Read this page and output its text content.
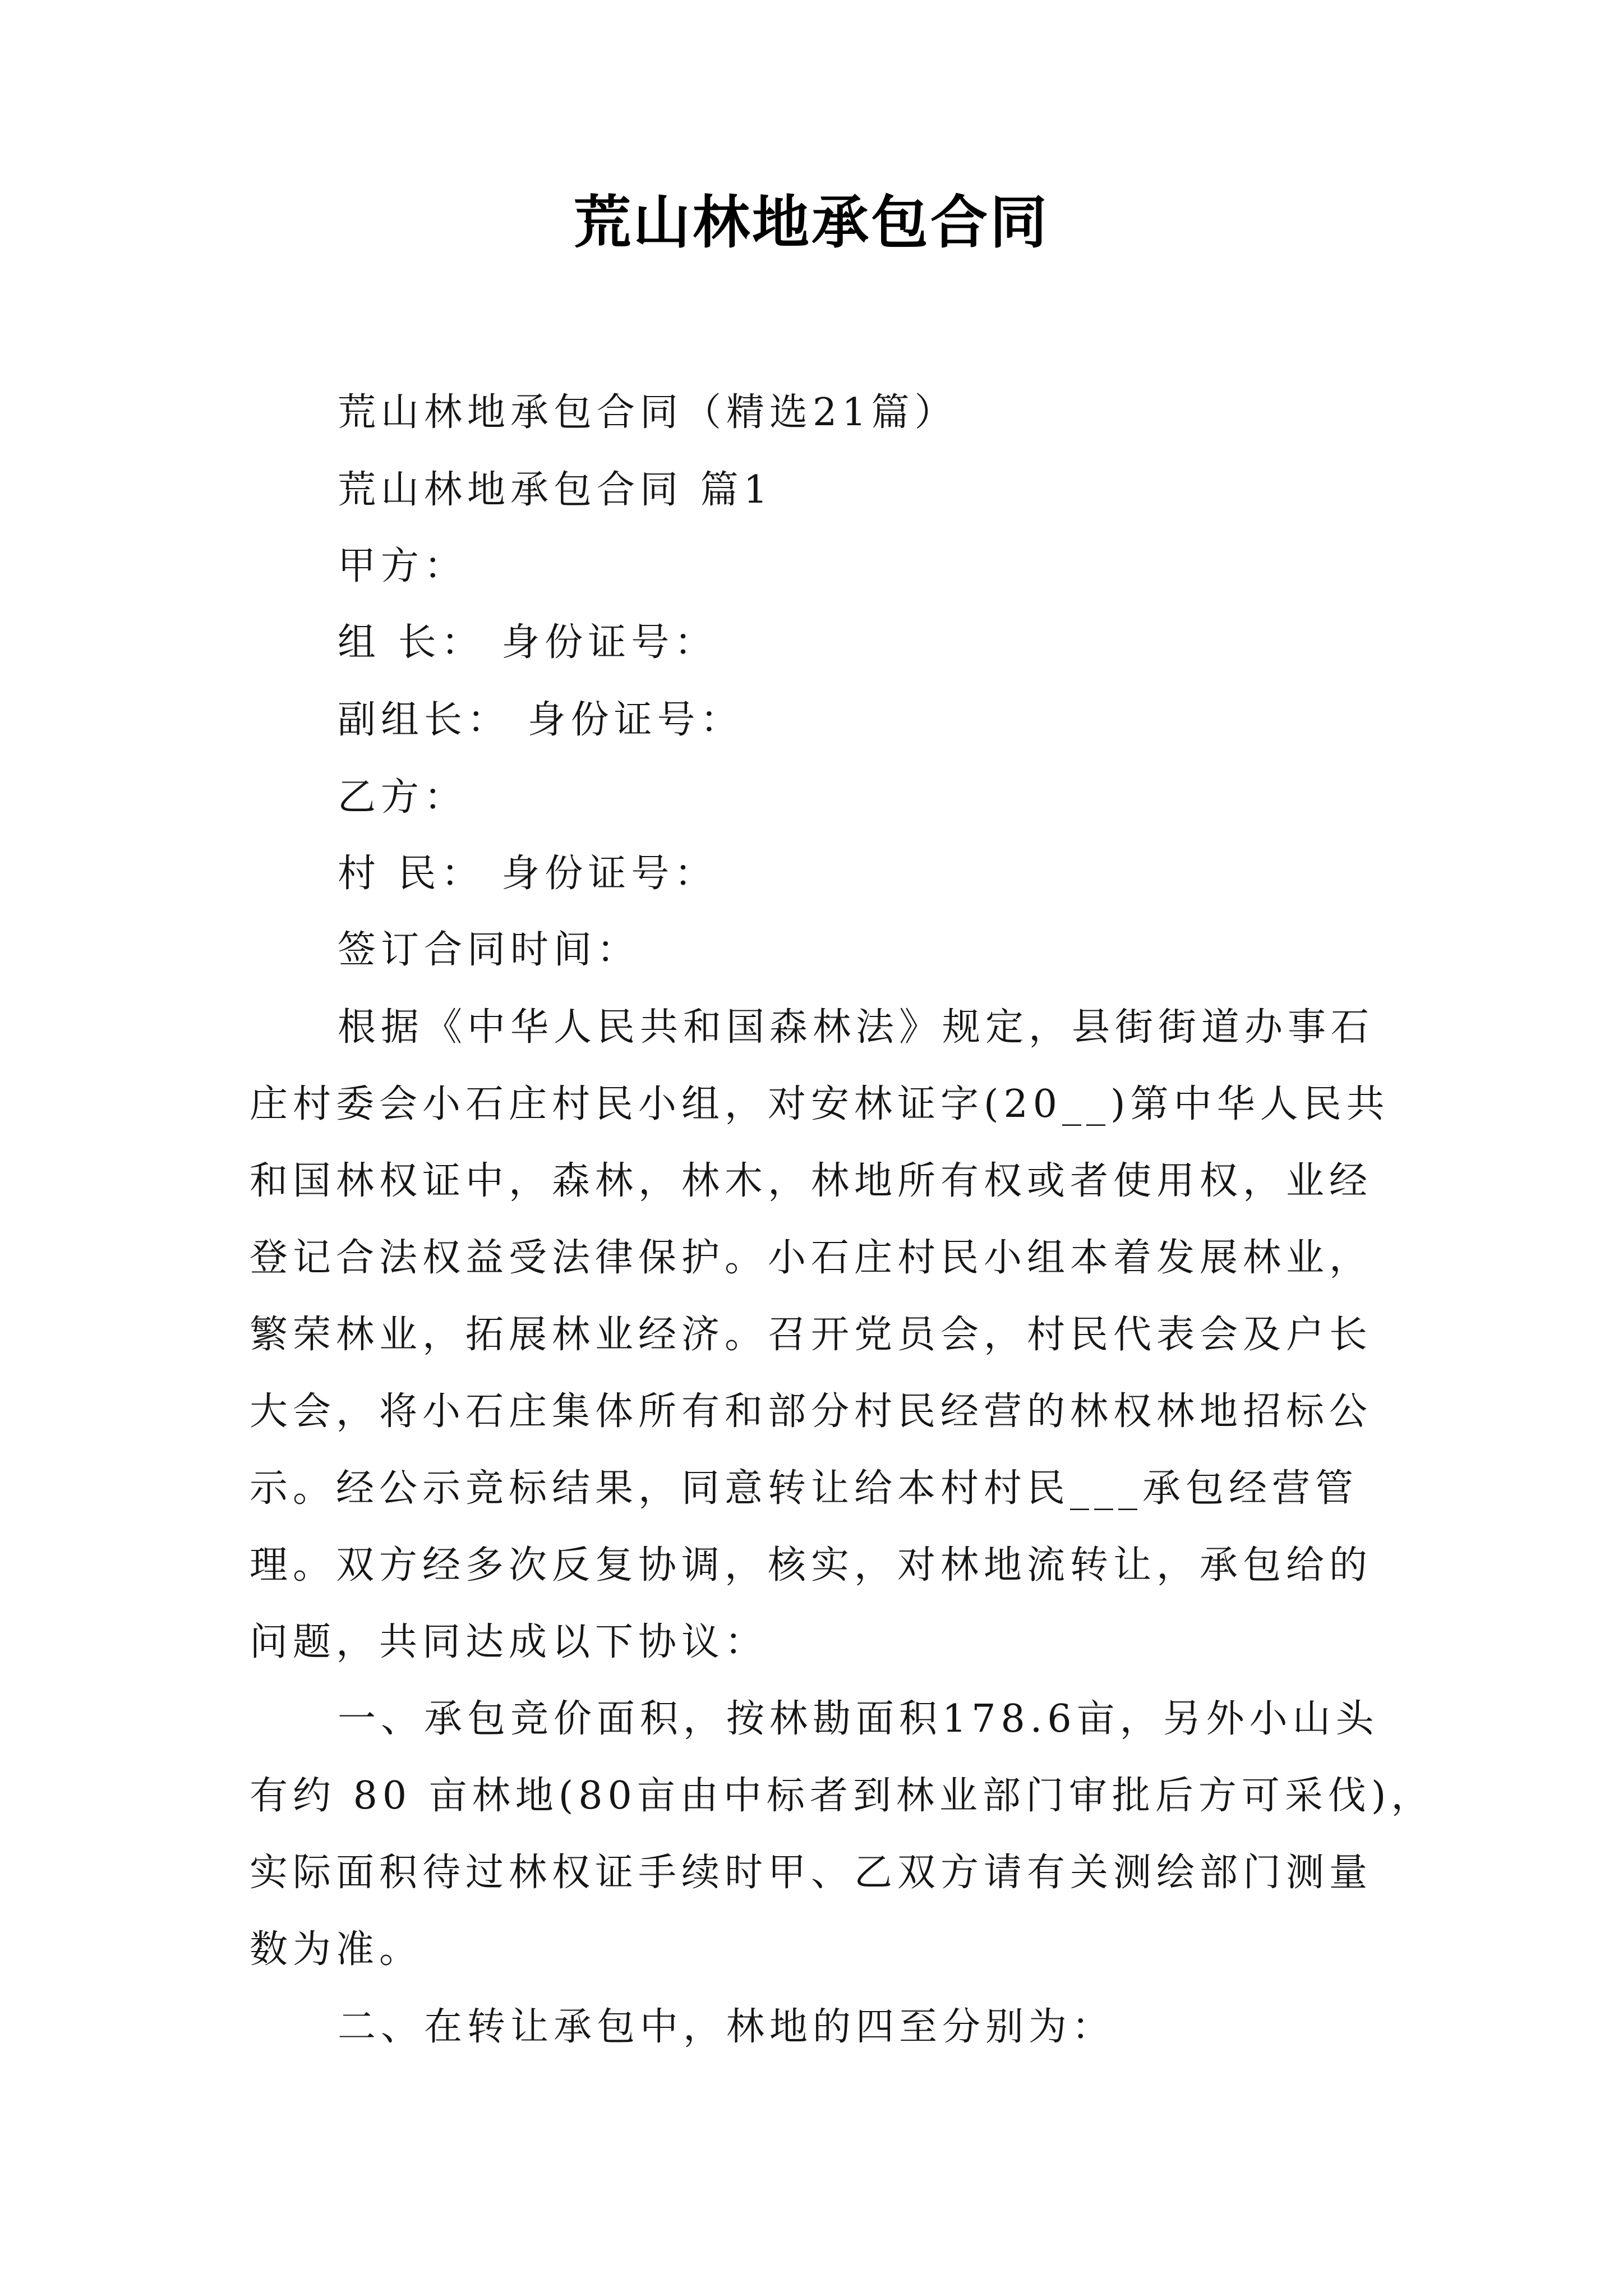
荒山林地承包合同
荒山林地承包合同（精选21篇）
荒山林地承包合同 篇1
甲方：
组 长： 身份证号：
副组长： 身份证号：
乙方：
村 民： 身份证号：
签订合同时间：
根据《中华人民共和国森林法》规定，县街街道办事石
庄村委会小石庄村民小组，对安林证字(20__)第中华人民共
和国林权证中，森林，林木，林地所有权或者使用权，业经
登记合法权益受法律保护。小石庄村民小组本着发展林业，
繁荣林业，拓展林业经济。召开党员会，村民代表会及户长
大会，将小石庄集体所有和部分村民经营的林权林地招标公
示。经公示竞标结果，同意转让给本村村民___承包经营管
理。双方经多次反复协调，核实，对林地流转让，承包给的
问题，共同达成以下协议：
一、承包竞价面积，按林勘面积178.6亩，另外小山头
有约 80 亩林地(80亩由中标者到林业部门审批后方可采伐)，
实际面积待过林权证手续时甲、乙双方请有关测绘部门测量
数为准。
二、在转让承包中，林地的四至分别为：
